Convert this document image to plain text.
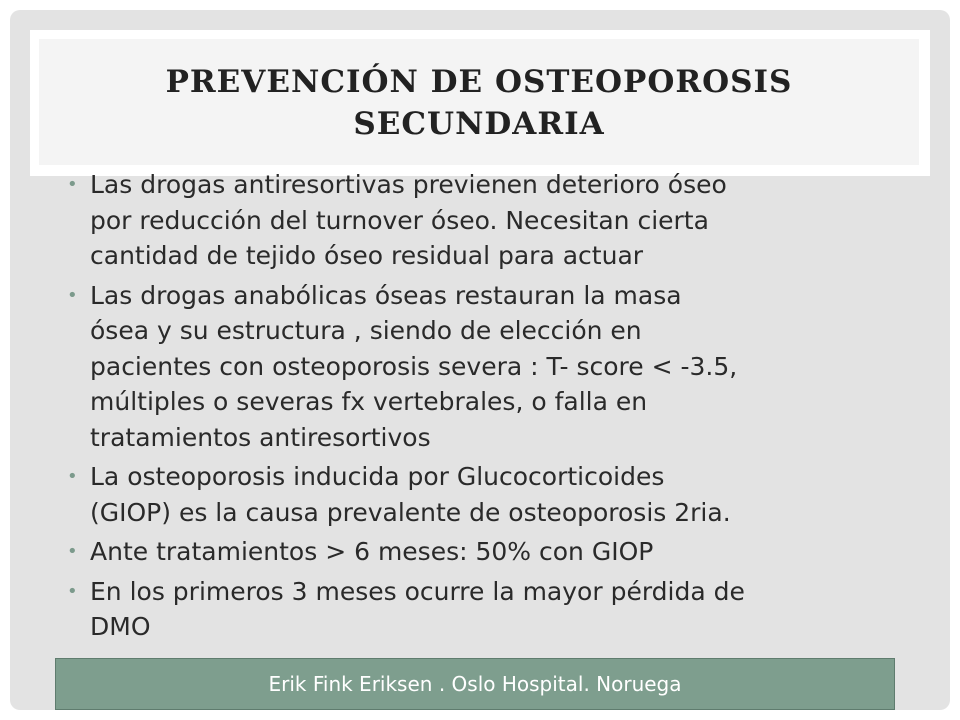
PREVENCIÓN DE OSTEOPOROSIS
SECUNDARIA
• Las drogas antiresortivas previenen deterioro óseo
por reducción del turnover óseo. Necesitan cierta
cantidad de tejido óseo residual para actuar
• Las drogas anabólicas óseas restauran la masa
ósea y su estructura , siendo de elección en
pacientes con osteoporosis severa : T- score < -3.5,
múltiples o severas fx vertebrales, o falla en
tratamientos antiresortivos
• La osteoporosis inducida por Glucocorticoides
(GIOP) es la causa prevalente de osteoporosis 2ria.
• Ante tratamientos > 6 meses: 50% con GIOP
• En los primeros 3 meses ocurre la mayor pérdida de
DMO
Erik Fink Eriksen . Oslo Hospital. Noruega
